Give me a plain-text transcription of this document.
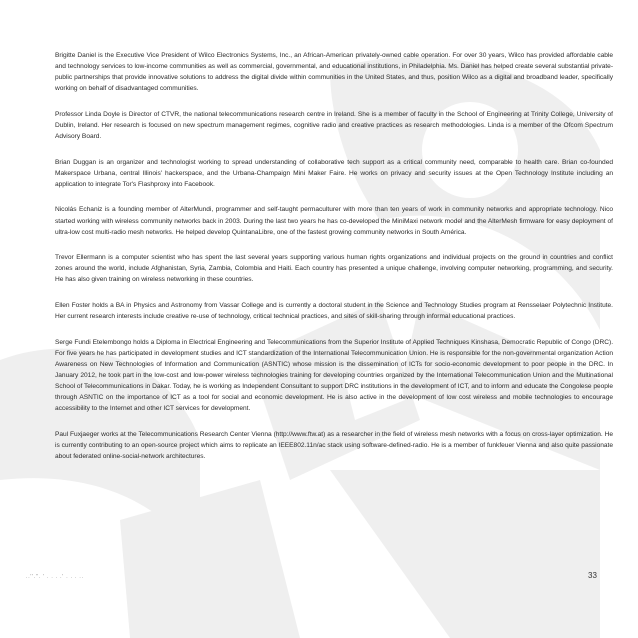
Brigitte Daniel is the Executive Vice President of Wilco Electronics Systems, Inc., an African-American privately-owned cable operation. For over 30 years, Wilco has provided affordable cable and technology services to low-income communities as well as commercial, governmental, and educational institutions, in Philadelphia. Ms. Daniel has helped create several substantial private-public partnerships that provide innovative solutions to address the digital divide within communities in the United States, and thus, position Wilco as a digital and broadband leader, specifically working on behalf of disadvantaged communities.

Professor Linda Doyle is Director of CTVR, the national telecommunications research centre in Ireland. She is a member of faculty in the School of Engineering at Trinity College, University of Dublin, Ireland. Her research is focused on new spectrum management regimes, cognitive radio and creative practices as research methodologies. Linda is a member of the Ofcom Spectrum Advisory Board.

Brian Duggan is an organizer and technologist working to spread understanding of collaborative tech support as a critical community need, comparable to health care. Brian co-founded Makerspace Urbana, central Illinois' hackerspace, and the Urbana-Champaign Mini Maker Faire. He works on privacy and security issues at the Open Technology Institute including an application to integrate Tor's Flashproxy into Facebook.

Nicolás Echaniz is a founding member of AlterMundi, programmer and self-taught permaculturer with more than ten years of work in community networks and appropriate technology. Nico started working with wireless community networks back in 2003. During the last two years he has co-developed the MiniMaxi network model and the AlterMesh firmware for easy deployment of ultra-low cost multi-radio mesh networks. He helped develop QuintanaLibre, one of the fastest growing community networks in South América.

Trevor Ellermann is a computer scientist who has spent the last several years supporting various human rights organizations and individual projects on the ground in countries and conflict zones around the world, include Afghanistan, Syria, Zambia, Colombia and Haiti. Each country has presented a unique challenge, involving computer networking, programming, and security. He has also given training on wireless networking in these countries.

Ellen Foster holds a BA in Physics and Astronomy from Vassar College and is currently a doctoral student in the Science and Technology Studies program at Rensselaer Polytechnic Institute. Her current research interests include creative re-use of technology, critical technical practices, and sites of skill-sharing through informal educational practices.

Serge Fundi Etelembongo holds a Diploma in Electrical Engineering and Telecommunications from the Superior Institute of Applied Techniques Kinshasa, Democratic Republic of Congo (DRC). For five years he has participated in development studies and ICT standardization of the International Telecommunication Union. He is responsible for the non-governmental organization Action Awareness on New Technologies of Information and Communication (ASNTIC) whose mission is the dissemination of ICTs for socio-economic development to poor people in the DRC. In January 2012, he took part in the low-cost and low-power wireless technologies training for developing countries organized by the International Telecommunication Union and the Multinational School of Telecommunications in Dakar. Today, he is working as Independent Consultant to support DRC institutions in the development of ICT, and to inform and educate the Congolese people through ASNTIC on the importance of ICT as a tool for social and economic development. He is also active in the development of low cost wireless and mobile technologies to encourage accessibility to the Internet and other ICT services for development.

Paul Fuxjaeger works at the Telecommunications Research Center Vienna (http://www.ftw.at) as a researcher in the field of wireless mesh networks with a focus on cross-layer optimization. He is currently contributing to an open-source project which aims to replicate an IEEE802.11n/ac stack using software-defined-radio. He is a member of funkfeuer Vienna and also quite passionate about federated online-social-network architectures.

..''.". ' . . . .' . . . ..	33
